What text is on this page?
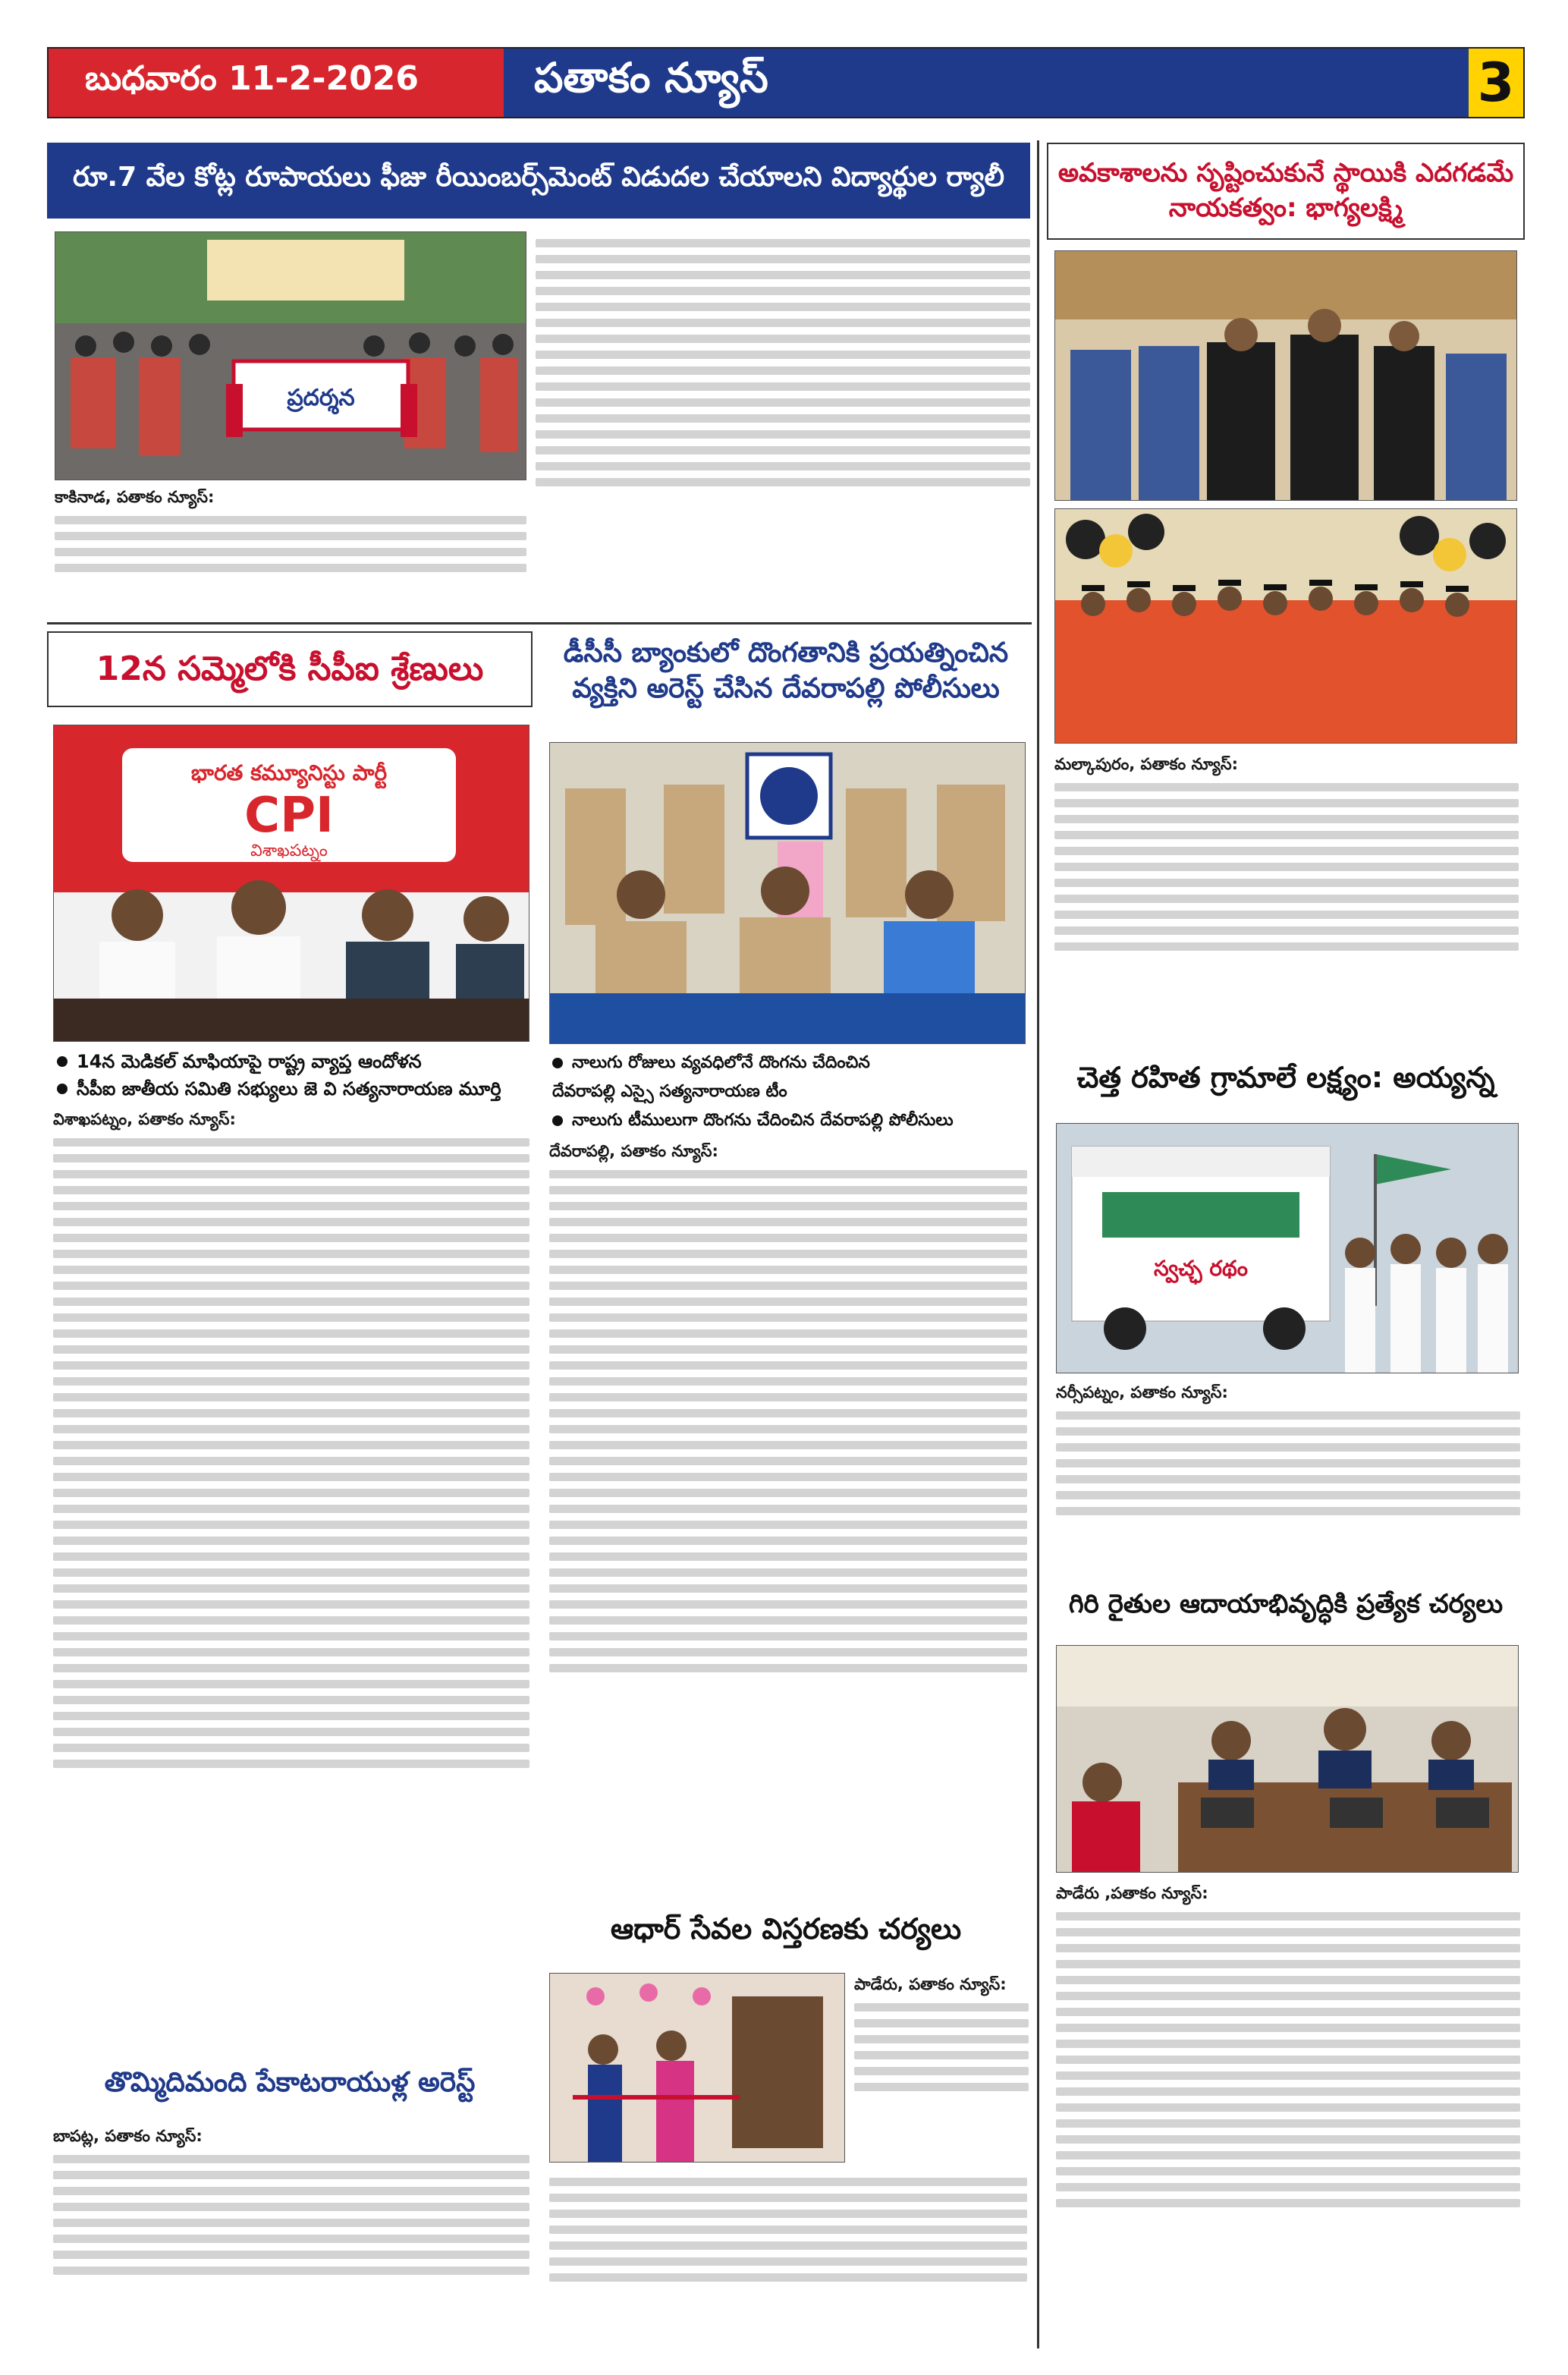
బుధవారం 11-2-2026	పతాకం న్యూస్	3
రూ.7 వేల కోట్ల రూపాయలు ఫీజు రీయింబర్స్‌మెంట్ విడుదల చేయాలని విద్యార్థుల ర్యాలీ
ప్రదర్శన
కాకినాడ, పతాకం న్యూస్:
అవకాశాలను సృష్టించుకునే స్థాయికి ఎదగడమే నాయకత్వం: భాగ్యలక్ష్మి
మల్కాపురం, పతాకం న్యూస్:
12న సమ్మెలోకి సీపీఐ శ్రేణులు
భారత కమ్యూనిస్టు పార్టీ
CPI
విశాఖపట్నం
14న మెడికల్ మాఫియాపై రాష్ట్ర వ్యాప్త ఆందోళన
సీపీఐ జాతీయ సమితి సభ్యులు జె వి సత్యనారాయణ మూర్తి
విశాఖపట్నం, పతాకం న్యూస్:
డీసీసీ బ్యాంకులో దొంగతానికి ప్రయత్నించిన వ్యక్తిని అరెస్ట్ చేసిన దేవరాపల్లి పోలీసులు
నాలుగు రోజులు వ్యవధిలోనే దొంగను చేదించిన
దేవరాపల్లి ఎస్సై సత్యనారాయణ టీం
నాలుగు టీములుగా దొంగను చేదించిన దేవరాపల్లి పోలీసులు
దేవరాపల్లి, పతాకం న్యూస్:
చెత్త రహిత గ్రామాలే లక్ష్యం: అయ్యన్న
స్వచ్ఛ రథం
నర్సీపట్నం, పతాకం న్యూస్:
గిరి రైతుల ఆదాయాభివృద్ధికి ప్రత్యేక చర్యలు
పాడేరు ,పతాకం న్యూస్:
ఆధార్ సేవల విస్తరణకు చర్యలు
పాడేరు, పతాకం న్యూస్:
తొమ్మిదిమంది పేకాటరాయుళ్ల అరెస్ట్
బాపట్ల, పతాకం న్యూస్:
